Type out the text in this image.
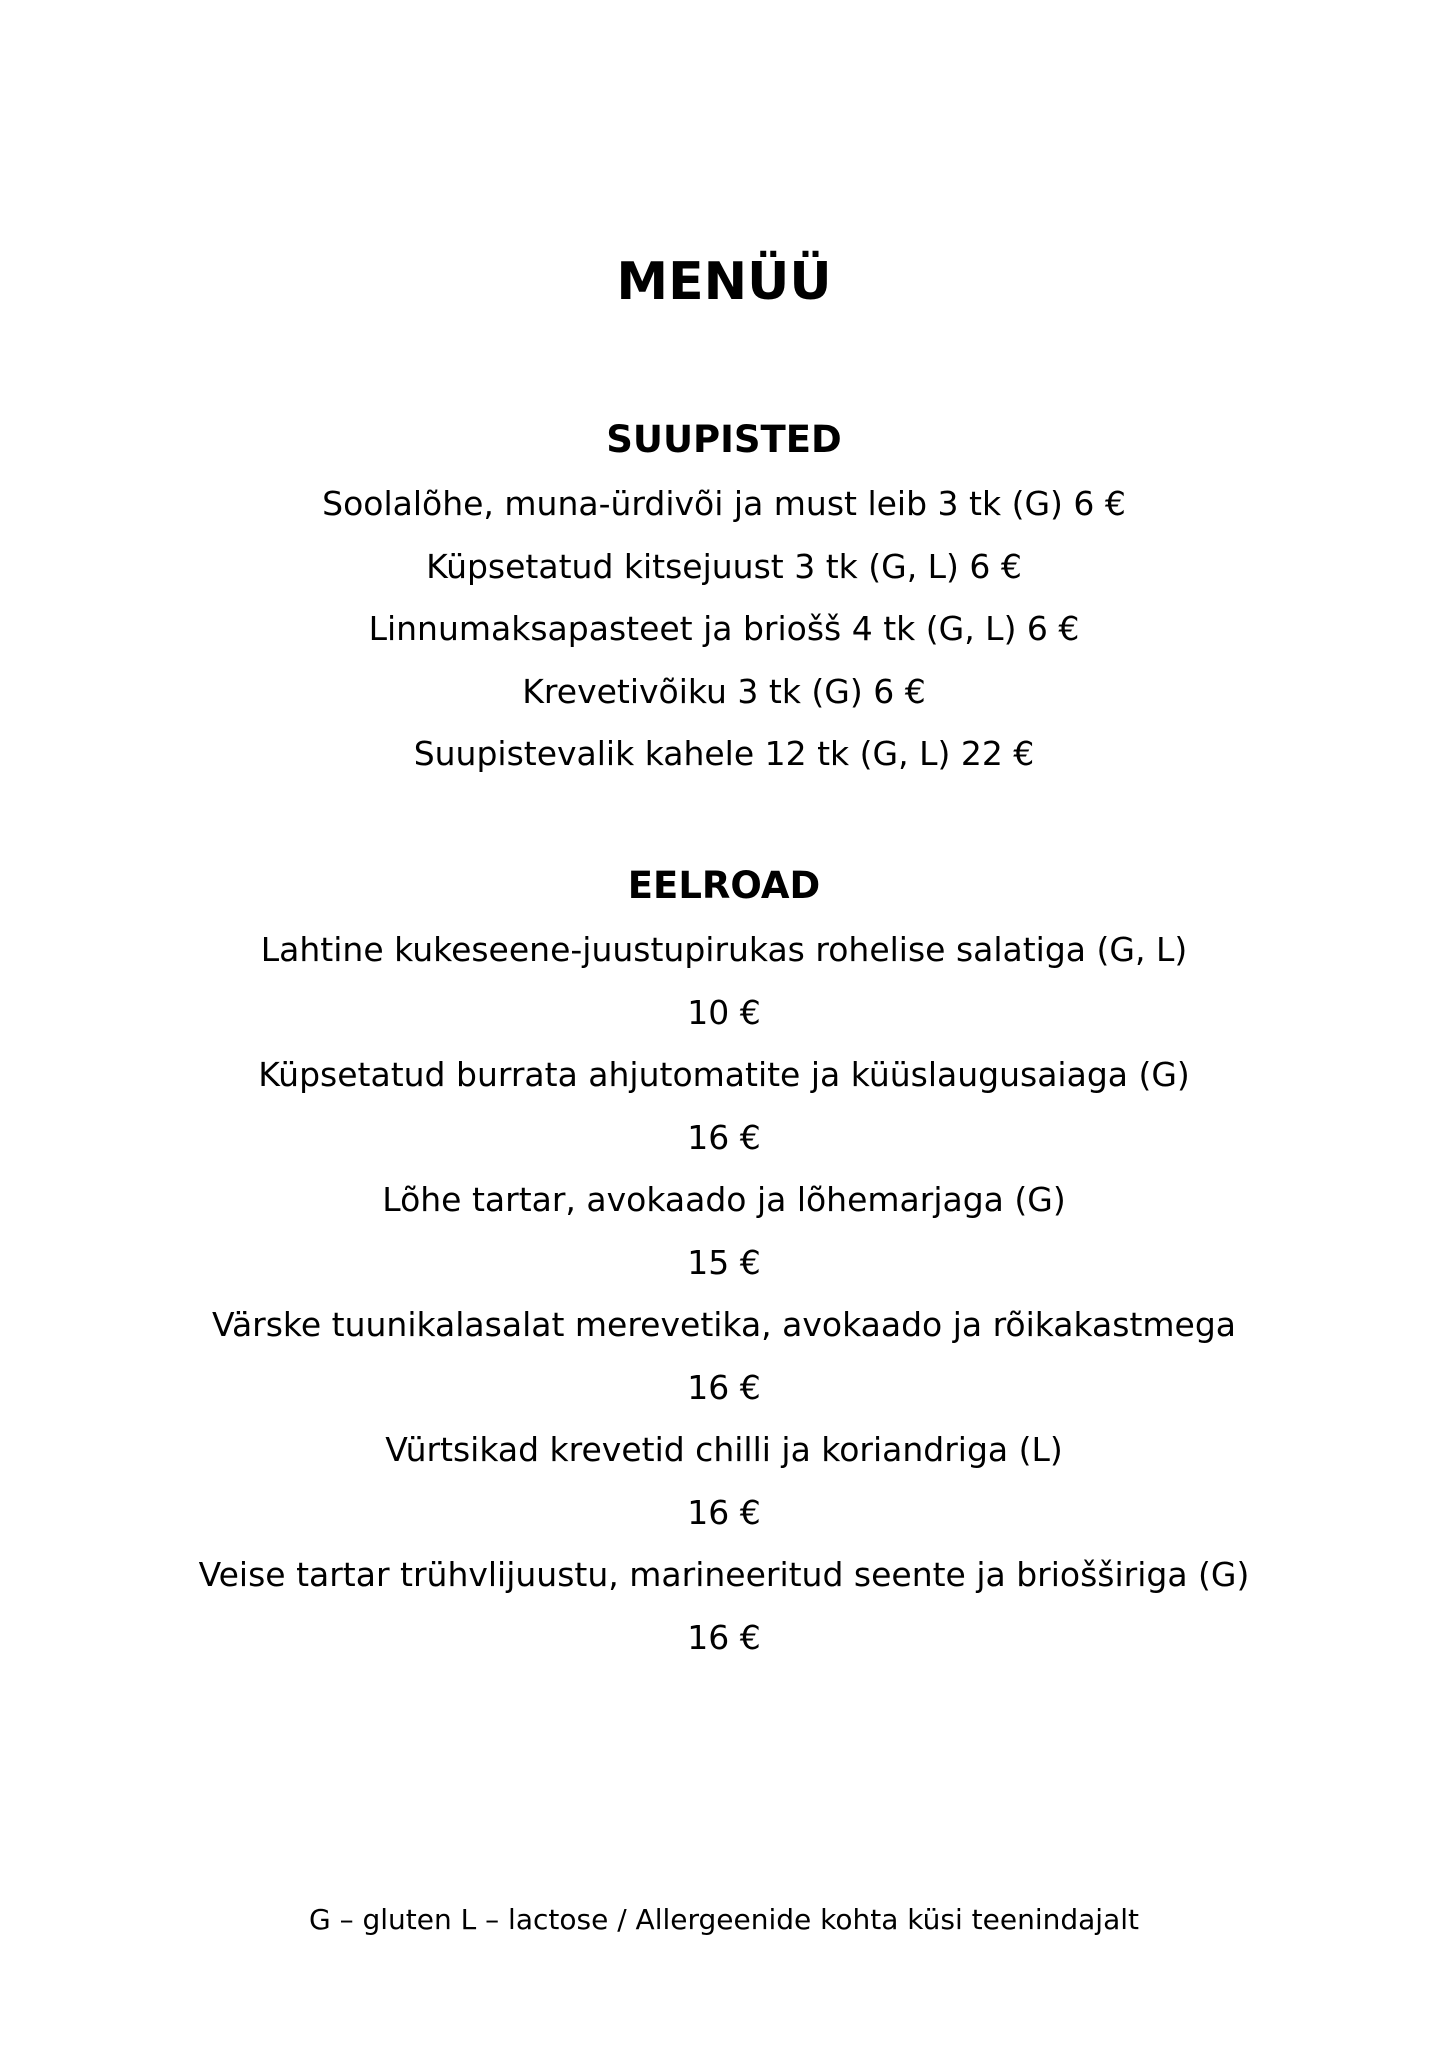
MENÜÜ
SUUPISTED
Soolalõhe, muna-ürdivõi ja must leib 3 tk (G) 6 €
Küpsetatud kitsejuust 3 tk (G, L) 6 €
Linnumaksapasteet ja briošš 4 tk (G, L) 6 €
Krevetivõiku 3 tk (G) 6 €
Suupistevalik kahele 12 tk (G, L) 22 €
EELROAD

Lahtine kukeseene-juustupirukas rohelise salatiga (G, L)

10 €

Küpsetatud burrata ahjutomatite ja küüslaugusaiaga (G)

16 €

Lõhe tartar, avokaado ja lõhemarjaga (G)

15 €

Värske tuunikalasalat merevetika, avokaado ja rõikakastmega

16 €

Vürtsikad krevetid chilli ja koriandriga (L)

16 €

Veise tartar trühvlijuustu, marineeritud seente ja briošširiga (G)

16 €

G – gluten L – lactose / Allergeenide kohta küsi teenindajalt
